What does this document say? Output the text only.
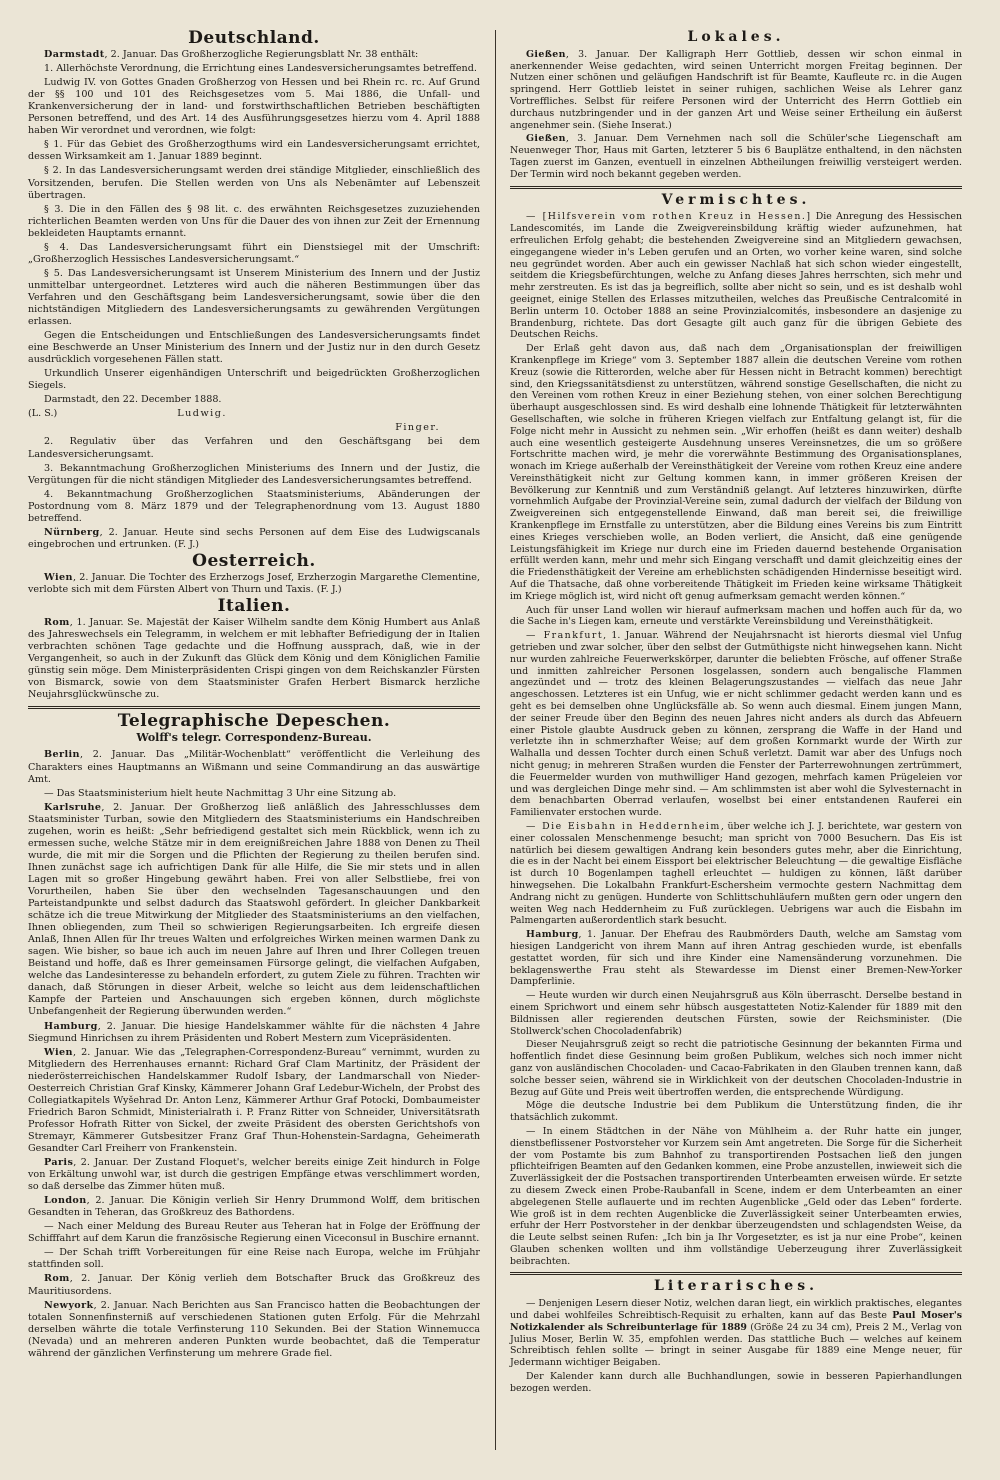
Deutschland.

Darmstadt, 2. Januar. Das Großherzogliche Regierungsblatt Nr. 38 enthält:

1. Allerhöchste Verordnung, die Errichtung eines Landesversicherungsamtes betreffend.

Ludwig IV. von Gottes Gnaden Großherzog von Hessen und bei Rhein rc. rc. Auf Grund der §§ 100 und 101 des Reichsgesetzes vom 5. Mai 1886, die Unfall- und Krankenversicherung der in land- und forstwirthschaftlichen Betrieben beschäftigten Personen betreffend, und des Art. 14 des Ausführungsgesetzes hierzu vom 4. April 1888 haben Wir verordnet und verordnen, wie folgt:

§ 1. Für das Gebiet des Großherzogthums wird ein Landesversicherungsamt errichtet, dessen Wirksamkeit am 1. Januar 1889 beginnt.

§ 2. In das Landesversicherungsamt werden drei ständige Mitglieder, einschließlich des Vorsitzenden, berufen. Die Stellen werden von Uns als Nebenämter auf Lebenszeit übertragen.

§ 3. Die in den Fällen des § 98 lit. c. des erwähnten Reichsgesetzes zuzuziehenden richterlichen Beamten werden von Uns für die Dauer des von ihnen zur Zeit der Ernennung bekleideten Hauptamts ernannt.

§ 4. Das Landesversicherungsamt führt ein Dienstsiegel mit der Umschrift: „Großherzoglich Hessisches Landesversicherungsamt.“

§ 5. Das Landesversicherungsamt ist Unserem Ministerium des Innern und der Justiz unmittelbar untergeordnet. Letzteres wird auch die näheren Bestimmungen über das Verfahren und den Geschäftsgang beim Landesversicherungsamt, sowie über die den nichtständigen Mitgliedern des Landesversicherungsamts zu gewährenden Vergütungen erlassen.

Gegen die Entscheidungen und Entschließungen des Landesversicherungsamts findet eine Beschwerde an Unser Ministerium des Innern und der Justiz nur in den durch Gesetz ausdrücklich vorgesehenen Fällen statt.

Urkundlich Unserer eigenhändigen Unterschrift und beigedrückten Großherzoglichen Siegels.

Darmstadt, den 22. December 1888.

(L. S.)	Ludwig.

Finger.

2. Regulativ über das Verfahren und den Geschäftsgang bei dem Landesversicherungsamt.

3. Bekanntmachung Großherzoglichen Ministeriums des Innern und der Justiz, die Vergütungen für die nicht ständigen Mitglieder des Landesversicherungsamtes betreffend.

4. Bekanntmachung Großherzoglichen Staatsministeriums, Abänderungen der Postordnung vom 8. März 1879 und der Telegraphenordnung vom 13. August 1880 betreffend.

Nürnberg, 2. Januar. Heute sind sechs Personen auf dem Eise des Ludwigscanals eingebrochen und ertrunken. (F. J.)

Oesterreich.

Wien, 2. Januar. Die Tochter des Erzherzogs Josef, Erzherzogin Margarethe Clementine, verlobte sich mit dem Fürsten Albert von Thurn und Taxis. (F. J.)

Italien.

Rom, 1. Januar. Se. Majestät der Kaiser Wilhelm sandte dem König Humbert aus Anlaß des Jahreswechsels ein Telegramm, in welchem er mit lebhafter Befriedigung der in Italien verbrachten schönen Tage gedachte und die Hoffnung aussprach, daß, wie in der Vergangenheit, so auch in der Zukunft das Glück dem König und dem Königlichen Familie günstig sein möge. Dem Ministerpräsidenten Crispi gingen von dem Reichskanzler Fürsten von Bismarck, sowie von dem Staatsminister Grafen Herbert Bismarck herzliche Neujahrsglückwünsche zu.

Telegraphische Depeschen.
Wolff's telegr. Correspondenz-Bureau.

Berlin, 2. Januar. Das „Militär-Wochenblatt“ veröffentlicht die Verleihung des Charakters eines Hauptmanns an Wißmann und seine Commandirung an das auswärtige Amt.

— Das Staatsministerium hielt heute Nachmittag 3 Uhr eine Sitzung ab.

Karlsruhe, 2. Januar. Der Großherzog ließ anläßlich des Jahresschlusses dem Staatsminister Turban, sowie den Mitgliedern des Staatsministeriums ein Handschreiben zugehen, worin es heißt: „Sehr befriedigend gestaltet sich mein Rückblick, wenn ich zu ermessen suche, welche Stätze mir in dem ereignißreichen Jahre 1888 von Denen zu Theil wurde, die mit mir die Sorgen und die Pflichten der Regierung zu theilen berufen sind. Ihnen zunächst sage ich aufrichtigen Dank für alle Hilfe, die Sie mir stets und in allen Lagen mit so großer Hingebung gewährt haben. Frei von aller Selbstliebe, frei von Vorurtheilen, haben Sie über den wechselnden Tagesanschauungen und den Parteistandpunkte und selbst dadurch das Staatswohl gefördert. In gleicher Dankbarkeit schätze ich die treue Mitwirkung der Mitglieder des Staatsministeriums an den vielfachen, Ihnen obliegenden, zum Theil so schwierigen Regierungsarbeiten. Ich ergreife diesen Anlaß, Ihnen Allen für Ihr treues Walten und erfolgreiches Wirken meinen warmen Dank zu sagen. Wie bisher, so baue ich auch im neuen Jahre auf Ihren und Ihrer Collegen treuen Beistand und hoffe, daß es Ihrer gemeinsamen Fürsorge gelingt, die vielfachen Aufgaben, welche das Landesinteresse zu behandeln erfordert, zu gutem Ziele zu führen. Trachten wir danach, daß Störungen in dieser Arbeit, welche so leicht aus dem leidenschaftlichen Kampfe der Parteien und Anschauungen sich ergeben können, durch möglichste Unbefangenheit der Regierung überwunden werden.“

Hamburg, 2. Januar. Die hiesige Handelskammer wählte für die nächsten 4 Jahre Siegmund Hinrichsen zu ihrem Präsidenten und Robert Mestern zum Vicepräsidenten.

Wien, 2. Januar. Wie das „Telegraphen-Correspondenz-Bureau“ vernimmt, wurden zu Mitgliedern des Herrenhauses ernannt: Richard Graf Clam Martinitz, der Präsident der niederösterreichischen Handelskammer Rudolf Isbary, der Landmarschall von Nieder-Oesterreich Christian Graf Kinsky, Kämmerer Johann Graf Ledebur-Wicheln, der Probst des Collegiatkapitels Wyšehrad Dr. Anton Lenz, Kämmerer Arthur Graf Potocki, Dombaumeister Friedrich Baron Schmidt, Ministerialrath i. P. Franz Ritter von Schneider, Universitätsrath Professor Hofrath Ritter von Sickel, der zweite Präsident des obersten Gerichtshofs von Stremayr, Kämmerer Gutsbesitzer Franz Graf Thun-Hohenstein-Sardagna, Geheimerath Gesandter Carl Freiherr von Frankenstein.

Paris, 2. Januar. Der Zustand Floquet's, welcher bereits einige Zeit hindurch in Folge von Erkältung unwohl war, ist durch die gestrigen Empfänge etwas verschlimmert worden, so daß derselbe das Zimmer hüten muß.

London, 2. Januar. Die Königin verlieh Sir Henry Drummond Wolff, dem britischen Gesandten in Teheran, das Großkreuz des Bathordens.

— Nach einer Meldung des Bureau Reuter aus Teheran hat in Folge der Eröffnung der Schifffahrt auf dem Karun die französische Regierung einen Viceconsul in Buschire ernannt.

— Der Schah trifft Vorbereitungen für eine Reise nach Europa, welche im Frühjahr stattfinden soll.

Rom, 2. Januar. Der König verlieh dem Botschafter Bruck das Großkreuz des Mauritiusordens.

Newyork, 2. Januar. Nach Berichten aus San Francisco hatten die Beobachtungen der totalen Sonnenfinsterniß auf verschiedenen Stationen guten Erfolg. Für die Mehrzahl derselben währte die totale Verfinsterung 110 Sekunden. Bei der Station Winnemucca (Nevada) und an mehreren anderen Punkten wurde beobachtet, daß die Temperatur während der gänzlichen Verfinsterung um mehrere Grade fiel.

Lokales.

Gießen, 3. Januar. Der Kalligraph Herr Gottlieb, dessen wir schon einmal in anerkennender Weise gedachten, wird seinen Unterricht morgen Freitag beginnen. Der Nutzen einer schönen und geläufigen Handschrift ist für Beamte, Kaufleute rc. in die Augen springend. Herr Gottlieb leistet in seiner ruhigen, sachlichen Weise als Lehrer ganz Vortreffliches. Selbst für reifere Personen wird der Unterricht des Herrn Gottlieb ein durchaus nutzbringender und in der ganzen Art und Weise seiner Ertheilung ein äußerst angenehmer sein. (Siehe Inserat.)

Gießen, 3. Januar. Dem Vernehmen nach soll die Schüler'sche Liegenschaft am Neuenweger Thor, Haus mit Garten, letzterer 5 bis 6 Bauplätze enthaltend, in den nächsten Tagen zuerst im Ganzen, eventuell in einzelnen Abtheilungen freiwillig versteigert werden. Der Termin wird noch bekannt gegeben werden.

Vermischtes.

— [Hilfsverein vom rothen Kreuz in Hessen.] Die Anregung des Hessischen Landescomités, im Lande die Zweigvereinsbildung kräftig wieder aufzunehmen, hat erfreulichen Erfolg gehabt; die bestehenden Zweigvereine sind an Mitgliedern gewachsen, eingegangene wieder in's Leben gerufen und an Orten, wo vorher keine waren, sind solche neu gegründet worden. Aber auch ein gewisser Nachlaß hat sich schon wieder eingestellt, seitdem die Kriegsbefürchtungen, welche zu Anfang dieses Jahres herrschten, sich mehr und mehr zerstreuten. Es ist das ja begreiflich, sollte aber nicht so sein, und es ist deshalb wohl geeignet, einige Stellen des Erlasses mitzutheilen, welches das Preußische Centralcomité in Berlin unterm 10. October 1888 an seine Provinzialcomités, insbesondere an dasjenige zu Brandenburg, richtete. Das dort Gesagte gilt auch ganz für die übrigen Gebiete des Deutschen Reichs.

Der Erlaß geht davon aus, daß nach dem „Organisationsplan der freiwilligen Krankenpflege im Kriege“ vom 3. September 1887 allein die deutschen Vereine vom rothen Kreuz (sowie die Ritterorden, welche aber für Hessen nicht in Betracht kommen) berechtigt sind, den Kriegssanitätsdienst zu unterstützen, während sonstige Gesellschaften, die nicht zu den Vereinen vom rothen Kreuz in einer Beziehung stehen, von einer solchen Berechtigung überhaupt ausgeschlossen sind. Es wird deshalb eine lohnende Thätigkeit für letzterwähnten Gesellschaften, wie solche in früheren Kriegen vielfach zur Entfaltung gelangt ist, für die Folge nicht mehr in Aussicht zu nehmen sein. „Wir erhoffen (heißt es dann weiter) deshalb auch eine wesentlich gesteigerte Ausdehnung unseres Vereinsnetzes, die um so größere Fortschritte machen wird, je mehr die vorerwähnte Bestimmung des Organisationsplanes, wonach im Kriege außerhalb der Vereinsthätigkeit der Vereine vom rothen Kreuz eine andere Vereinsthätigkeit nicht zur Geltung kommen kann, in immer größeren Kreisen der Bevölkerung zur Kenntniß und zum Verständniß gelangt. Auf letzteres hinzuwirken, dürfte vornehmlich Aufgabe der Provinzial-Vereine sein, zumal dadurch der vielfach der Bildung von Zweigvereinen sich entgegenstellende Einwand, daß man bereit sei, die freiwillige Krankenpflege im Ernstfalle zu unterstützen, aber die Bildung eines Vereins bis zum Eintritt eines Krieges verschieben wolle, an Boden verliert, die Ansicht, daß eine genügende Leistungsfähigkeit im Kriege nur durch eine im Frieden dauernd bestehende Organisation erfüllt werden kann, mehr und mehr sich Eingang verschafft und damit gleichzeitig eines der die Friedensthätigkeit der Vereine am erheblichsten schädigenden Hindernisse beseitigt wird. Auf die Thatsache, daß ohne vorbereitende Thätigkeit im Frieden keine wirksame Thätigkeit im Kriege möglich ist, wird nicht oft genug aufmerksam gemacht werden können.“

Auch für unser Land wollen wir hierauf aufmerksam machen und hoffen auch für da, wo die Sache in's Liegen kam, erneute und verstärkte Vereinsbildung und Vereinsthätigkeit.

— Frankfurt, 1. Januar. Während der Neujahrsnacht ist hierorts diesmal viel Unfug getrieben und zwar solcher, über den selbst der Gutmüthigste nicht hinwegsehen kann. Nicht nur wurden zahlreiche Feuerwerkskörper, darunter die beliebten Frösche, auf offener Straße und inmitten zahlreicher Personen losgelassen, sondern auch bengalische Flammen angezündet und — trotz des kleinen Belagerungszustandes — vielfach das neue Jahr angeschossen. Letzteres ist ein Unfug, wie er nicht schlimmer gedacht werden kann und es geht es bei demselben ohne Unglücksfälle ab. So wenn auch diesmal. Einem jungen Mann, der seiner Freude über den Beginn des neuen Jahres nicht anders als durch das Abfeuern einer Pistole glaubte Ausdruck geben zu können, zersprang die Waffe in der Hand und verletzte ihn in schmerzhafter Weise; auf dem großen Kornmarkt wurde der Wirth zur Walhalla und dessen Tochter durch einen Schuß verletzt. Damit war aber des Unfugs noch nicht genug; in mehreren Straßen wurden die Fenster der Parterrewohnungen zertrümmert, die Feuermelder wurden von muthwilliger Hand gezogen, mehrfach kamen Prügeleien vor und was dergleichen Dinge mehr sind. — Am schlimmsten ist aber wohl die Sylvesternacht in dem benachbarten Oberrad verlaufen, woselbst bei einer entstandenen Rauferei ein Familienvater erstochen wurde.

— Die Eisbahn in Heddernheim, über welche ich J. J. berichtete, war gestern von einer colossalen Menschenmenge besucht; man spricht von 7000 Besuchern. Das Eis ist natürlich bei diesem gewaltigen Andrang kein besonders gutes mehr, aber die Einrichtung, die es in der Nacht bei einem Eissport bei elektrischer Beleuchtung — die gewaltige Eisfläche ist durch 10 Bogenlampen taghell erleuchtet — huldigen zu können, läßt darüber hinwegsehen. Die Lokalbahn Frankfurt-Eschersheim vermochte gestern Nachmittag dem Andrang nicht zu genügen. Hunderte von Schlittschuhläufern mußten gern oder ungern den weiten Weg nach Heddernheim zu Fuß zurücklegen. Uebrigens war auch die Eisbahn im Palmengarten außerordentlich stark besucht.

Hamburg, 1. Januar. Der Ehefrau des Raubmörders Dauth, welche am Samstag vom hiesigen Landgericht von ihrem Mann auf ihren Antrag geschieden wurde, ist ebenfalls gestattet worden, für sich und ihre Kinder eine Namensänderung vorzunehmen. Die beklagenswerthe Frau steht als Stewardesse im Dienst einer Bremen-New-Yorker Dampferlinie.

— Heute wurden wir durch einen Neujahrsgruß aus Köln überrascht. Derselbe bestand in einem Sprichwort und einem sehr hübsch ausgestatteten Notiz-Kalender für 1889 mit den Bildnissen aller regierenden deutschen Fürsten, sowie der Reichsminister. (Die Stollwerck'schen Chocoladenfabrik)

Dieser Neujahrsgruß zeigt so recht die patriotische Gesinnung der bekannten Firma und hoffentlich findet diese Gesinnung beim großen Publikum, welches sich noch immer nicht ganz von ausländischen Chocoladen- und Cacao-Fabrikaten in den Glauben trennen kann, daß solche besser seien, während sie in Wirklichkeit von der deutschen Chocoladen-Industrie in Bezug auf Güte und Preis weit übertroffen werden, die entsprechende Würdigung.

Möge die deutsche Industrie bei dem Publikum die Unterstützung finden, die ihr thatsächlich zukommt.

— In einem Städtchen in der Nähe von Mühlheim a. der Ruhr hatte ein junger, dienstbeflissener Postvorsteher vor Kurzem sein Amt angetreten. Die Sorge für die Sicherheit der vom Postamte bis zum Bahnhof zu transportirenden Postsachen ließ den jungen pflichteifrigen Beamten auf den Gedanken kommen, eine Probe anzustellen, inwieweit sich die Zuverlässigkeit der die Postsachen transportirenden Unterbeamten erweisen würde. Er setzte zu diesem Zweck einen Probe-Raubanfall in Scene, indem er dem Unterbeamten an einer abgelegenen Stelle auflauerte und im rechten Augenblicke „Geld oder das Leben“ forderte. Wie groß ist in dem rechten Augenblicke die Zuverlässigkeit seiner Unterbeamten erwies, erfuhr der Herr Postvorsteher in der denkbar überzeugendsten und schlagendsten Weise, da die Leute selbst seinen Rufen: „Ich bin ja Ihr Vorgesetzter, es ist ja nur eine Probe“, keinen Glauben schenken wollten und ihm vollständige Ueberzeugung ihrer Zuverlässigkeit beibrachten.

Literarisches.

— Denjenigen Lesern dieser Notiz, welchen daran liegt, ein wirklich praktisches, elegantes und dabei wohlfeiles Schreibtisch-Requisit zu erhalten, kann auf das Beste Paul Moser's Notizkalender als Schreibunterlage für 1889 (Größe 24 zu 34 cm), Preis 2 M., Verlag von Julius Moser, Berlin W. 35, empfohlen werden. Das stattliche Buch — welches auf keinem Schreibtisch fehlen sollte — bringt in seiner Ausgabe für 1889 eine Menge neuer, für Jedermann wichtiger Beigaben.

Der Kalender kann durch alle Buchhandlungen, sowie in besseren Papierhandlungen bezogen werden.
